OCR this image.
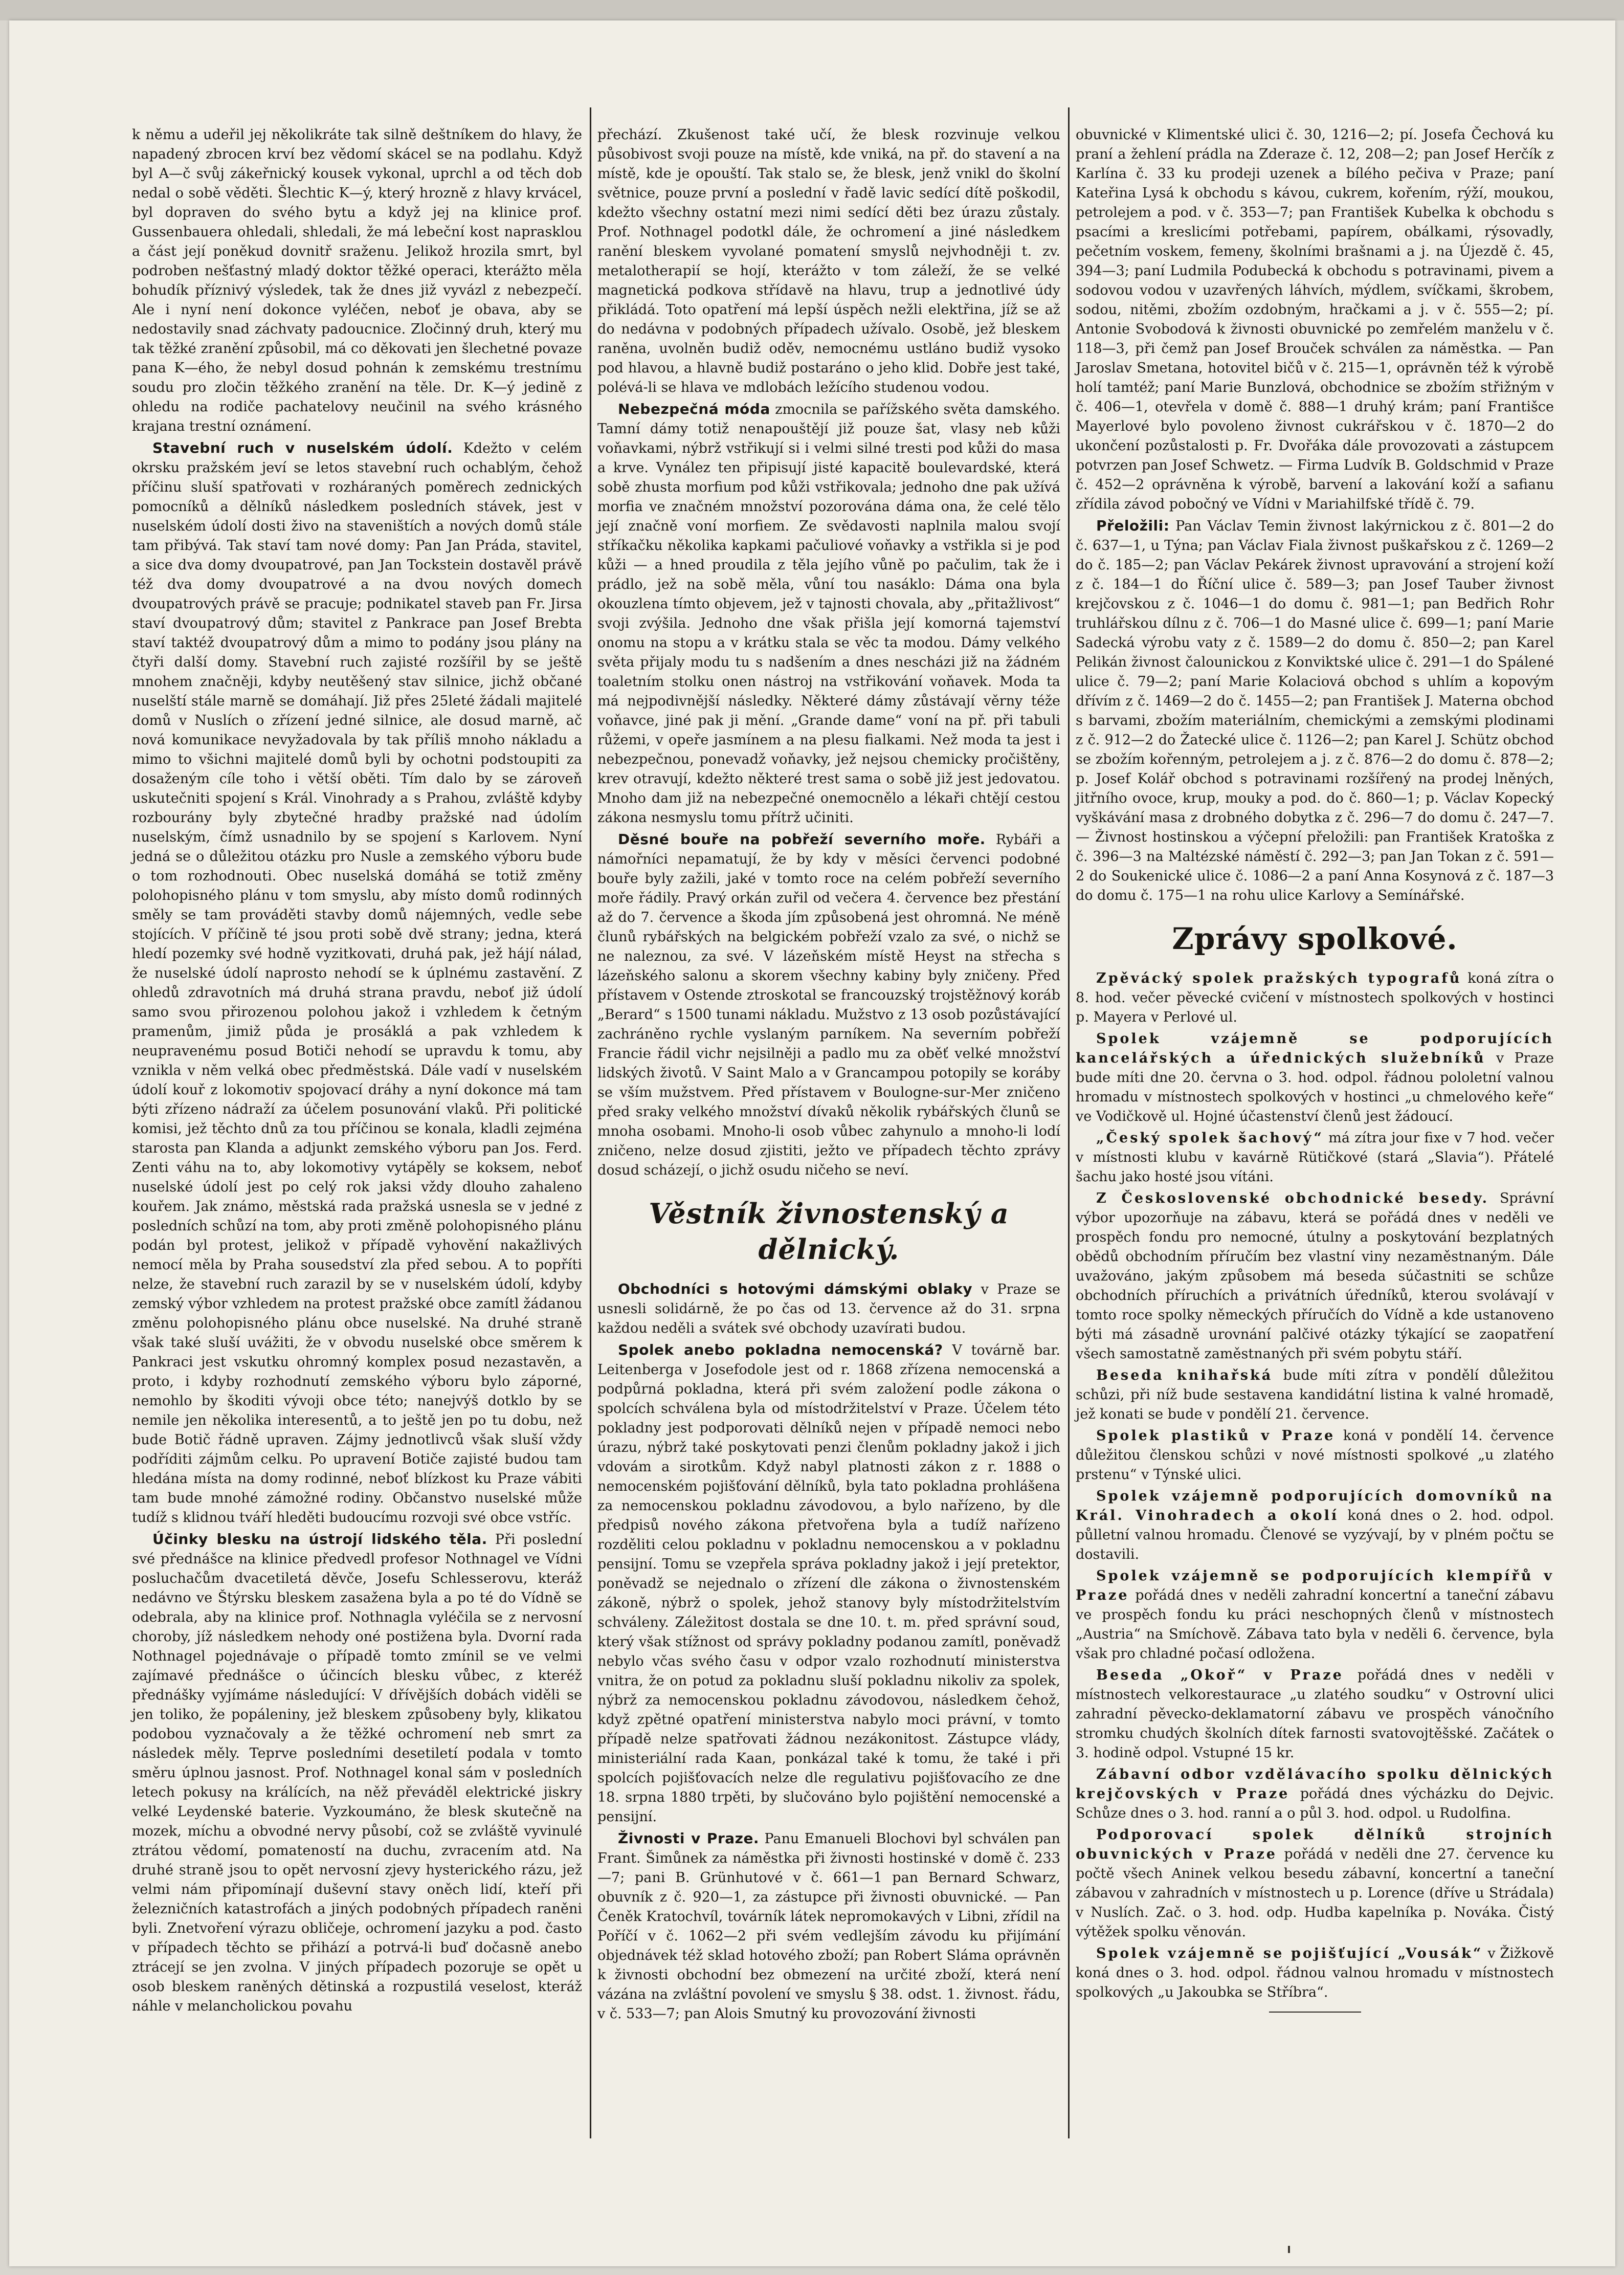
k němu a udeřil jej několikráte tak silně deštníkem do hlavy, že napadený zbrocen krví bez vědomí skácel se na podlahu. Když byl A—č svůj zákeřnický kousek vykonal, uprchl a od těch dob nedal o sobě věděti. Šlechtic K—ý, který hrozně z hlavy krvácel, byl dopraven do svého bytu a když jej na klinice prof. Gussenbauera ohledali, shledali, že má lebeční kost naprasklou a část její poněkud dovnitř sraženu. Jelikož hrozila smrt, byl podroben nešťastný mladý doktor těžké operaci, kterážto měla bohudík příznivý výsledek, tak že dnes již vyvázl z nebezpečí. Ale i nyní není dokonce vyléčen, neboť je obava, aby se nedostavily snad záchvaty padoucnice. Zločinný druh, který mu tak těžké zranění způsobil, má co děkovati jen šlechetné povaze pana K—ého, že nebyl dosud pohnán k zemskému trestnímu soudu pro zločin těžkého zranění na těle. Dr. K—ý jedině z ohledu na rodiče pachatelovy neučinil na svého krásného krajana trestní oznámení.

Stavební ruch v nuselském údolí. Kdežto v celém okrsku pražském jeví se letos stavební ruch ochablým, čehož příčinu sluší spatřovati v rozháraných poměrech zednických pomocníků a dělníků následkem posledních stávek, jest v nuselském údolí dosti živo na staveništích a nových domů stále tam přibývá. Tak staví tam nové domy: Pan Jan Práda, stavitel, a sice dva domy dvoupatrové, pan Jan Tockstein dostavěl právě též dva domy dvoupatrové a na dvou nových domech dvoupatrových právě se pracuje; podnikatel staveb pan Fr. Jirsa staví dvoupatrový dům; stavitel z Pankrace pan Josef Brebta staví taktéž dvoupatrový dům a mimo to podány jsou plány na čtyři další domy. Stavební ruch zajisté rozšířil by se ještě mnohem značněji, kdyby neutěšený stav silnice, jichž občané nuselští stále marně se domáhají. Již přes 25leté žádali majitelé domů v Nuslích o zřízení jedné silnice, ale dosud marně, ač nová komunikace nevyžadovala by tak příliš mnoho nákladu a mimo to všichni majitelé domů byli by ochotni podstoupiti za dosaženým cíle toho i větší oběti. Tím dalo by se zároveň uskutečniti spojení s Král. Vinohrady a s Prahou, zvláště kdyby rozbourány byly zbytečné hradby pražské nad údolím nuselským, čímž usnadnilo by se spojení s Karlovem. Nyní jedná se o důležitou otázku pro Nusle a zemského výboru bude o tom rozhodnouti. Obec nuselská domáhá se totiž změny polohopisného plánu v tom smyslu, aby místo domů rodinných směly se tam prováděti stavby domů nájemných, vedle sebe stojících. V příčině té jsou proti sobě dvě strany; jedna, která hledí pozemky své hodně vyzitkovati, druhá pak, jež hájí nálad, že nuselské údolí naprosto nehodí se k úplnému zastavění. Z ohledů zdravotních má druhá strana pravdu, neboť již údolí samo svou přirozenou polohou jakož i vzhledem k četným pramenům, jimiž půda je prosáklá a pak vzhledem k neupravenému posud Botiči nehodí se upravdu k tomu, aby vznikla v něm velká obec předměstská. Dále vadí v nuselském údolí kouř z lokomotiv spojovací dráhy a nyní dokonce má tam býti zřízeno nádraží za účelem posunování vlaků. Při politické komisi, jež těchto dnů za tou příčinou se konala, kladli zejména starosta pan Klanda a adjunkt zemského výboru pan Jos. Ferd. Zenti váhu na to, aby lokomotivy vytápěly se koksem, neboť nuselské údolí jest po celý rok jaksi vždy dlouho zahaleno kouřem. Jak známo, městská rada pražská usnesla se v jedné z posledních schůzí na tom, aby proti změně polohopisného plánu podán byl protest, jelikož v případě vyhovění nakažlivých nemocí měla by Praha sousedství zla před sebou. A to popříti nelze, že stavební ruch zarazil by se v nuselském údolí, kdyby zemský výbor vzhledem na protest pražské obce zamítl žádanou změnu polohopisného plánu obce nuselské. Na druhé straně však také sluší uvážiti, že v obvodu nuselské obce směrem k Pankraci jest vskutku ohromný komplex posud nezastavěn, a proto, i kdyby rozhodnutí zemského výboru bylo záporné, nemohlo by škoditi vývoji obce této; nanejvýš dotklo by se nemile jen několika interesentů, a to ještě jen po tu dobu, než bude Botič řádně upraven. Zájmy jednotlivců však sluší vždy podříditi zájmům celku. Po upravení Botiče zajisté budou tam hledána místa na domy rodinné, neboť blízkost ku Praze vábiti tam bude mnohé zámožné rodiny. Občanstvo nuselské může tudíž s klidnou tváří hleděti budoucímu rozvoji své obce vstříc.

Účinky blesku na ústrojí lidského těla. Při poslední své přednášce na klinice předvedl profesor Nothnagel ve Vídni posluchačům dvacetiletá děvče, Josefu Schlesserovu, kteráž nedávno ve Štýrsku bleskem zasažena byla a po té do Vídně se odebrala, aby na klinice prof. Nothnagla vyléčila se z nervosní choroby, jíž následkem nehody oné postižena byla. Dvorní rada Nothnagel pojednávaje o případě tomto zmínil se ve velmi zajímavé přednášce o účincích blesku vůbec, z kteréž přednášky vyjímáme následující: V dřívějších dobách viděli se jen toliko, že popáleniny, jež bleskem způsobeny byly, klikatou podobou vyznačovaly a že těžké ochromení neb smrt za následek měly. Teprve posledními desetiletí podala v tomto směru úplnou jasnost. Prof. Nothnagel konal sám v posledních letech pokusy na králících, na něž převáděl elektrické jiskry velké Leydenské baterie. Vyzkoumáno, že blesk skutečně na mozek, míchu a obvodné nervy působí, což se zvláště vyvinulé ztrátou vědomí, pomateností na duchu, zvracením atd. Na druhé straně jsou to opět nervosní zjevy hysterického rázu, jež velmi nám připomínají duševní stavy oněch lidí, kteří při železničních katastrofách a jiných podobných případech raněni byli. Znetvoření výrazu obličeje, ochromení jazyku a pod. často v případech těchto se přihází a potrvá-li buď dočasně anebo ztrácejí se jen zvolna. V jiných případech pozoruje se opět u osob bleskem raněných dětinská a rozpustilá veselost, kteráž náhle v melancholickou povahu

přechází. Zkušenost také učí, že blesk rozvinuje velkou působivost svoji pouze na místě, kde vniká, na př. do stavení a na místě, kde je opouští. Tak stalo se, že blesk, jenž vnikl do školní světnice, pouze první a poslední v řadě lavic sedící dítě poškodil, kdežto všechny ostatní mezi nimi sedící děti bez úrazu zůstaly. Prof. Nothnagel podotkl dále, že ochromení a jiné následkem ranění bleskem vyvolané pomatení smyslů nejvhodněji t. zv. metalotherapií se hojí, kterážto v tom záleží, že se velké magnetická podkova střídavě na hlavu, trup a jednotlivé údy přikládá. Toto opatření má lepší úspěch nežli elektřina, jíž se až do nedávna v podobných případech užívalo. Osobě, jež bleskem raněna, uvolněn budiž oděv, nemocnému ustláno budiž vysoko pod hlavou, a hlavně budiž postaráno o jeho klid. Dobře jest také, polévá-li se hlava ve mdlobách ležícího studenou vodou.

Nebezpečná móda zmocnila se pařížského světa damského. Tamní dámy totiž nenapouštějí již pouze šat, vlasy neb kůži voňavkami, nýbrž vstřikují si i velmi silné tresti pod kůži do masa a krve. Vynález ten připisují jisté kapacitě boulevardské, která sobě zhusta morfium pod kůži vstřikovala; jednoho dne pak užívá morfia ve značném množství pozorována dáma ona, že celé tělo její značně voní morfiem. Ze svědavosti naplnila malou svojí stříkačku několika kapkami pačuliové voňavky a vstřikla si je pod kůži — a hned proudila z těla jejího vůně po pačulim, tak že i prádlo, jež na sobě měla, vůní tou nasáklo: Dáma ona byla okouzlena tímto objevem, jež v tajnosti chovala, aby „přitažlivost“ svoji zvýšila. Jednoho dne však přišla její komorná tajemství onomu na stopu a v krátku stala se věc ta modou. Dámy velkého světa přijaly modu tu s nadšením a dnes nescházi již na žádném toaletním stolku onen nástroj na vstřikování voňavek. Moda ta má nejpodivnější následky. Některé dámy zůstávají věrny téže voňavce, jiné pak ji mění. „Grande dame“ voní na př. při tabuli růžemi, v opeře jasmínem a na plesu fialkami. Než moda ta jest i nebezpečnou, ponevadž voňavky, jež nejsou chemicky pročištěny, krev otravují, kdežto některé trest sama o sobě již jest jedovatou. Mnoho dam již na nebezpečné onemocnělo a lékaři chtějí cestou zákona nesmyslu tomu přítrž učiniti.

Děsné bouře na pobřeží severního moře. Rybáři a námořníci nepamatují, že by kdy v měsíci červenci podobné bouře byly zažili, jaké v tomto roce na celém pobřeží severního moře řádily. Pravý orkán zuřil od večera 4. července bez přestání až do 7. července a škoda jím způsobená jest ohromná. Ne méně člunů rybářských na belgickém pobřeží vzalo za své, o nichž se ne naleznou, za své. V lázeňském místě Heyst na střecha s lázeňského salonu a skorem všechny kabiny byly zničeny. Před přístavem v Ostende ztroskotal se francouzský trojstěžnový koráb „Berard“ s 1500 tunami nákladu. Mužstvo z 13 osob pozůstávající zachráněno rychle vyslaným parníkem. Na severním pobřeží Francie řádil vichr nejsilněji a padlo mu za oběť velké množství lidských životů. V Saint Malo a v Grancampou potopily se koráby se vším mužstvem. Před přístavem v Boulogne-sur-Mer zničeno před sraky velkého množství dívaků několik rybářských člunů se mnoha osobami. Mnoho-li osob vůbec zahynulo a mnoho-li lodí zničeno, nelze dosud zjistiti, ježto ve případech těchto zprávy dosud scházejí, o jichž osudu ničeho se neví.

Věstník živnostenský a dělnický.

Obchodníci s hotovými dámskými oblaky v Praze se usnesli solidárně, že po čas od 13. července až do 31. srpna každou neděli a svátek své obchody uzavírati budou.

Spolek anebo pokladna nemocenská? V továrně bar. Leitenberga v Josefodole jest od r. 1868 zřízena nemocenská a podpůrná pokladna, která při svém založení podle zákona o spolcích schválena byla od místodržitelství v Praze. Účelem této pokladny jest podporovati dělníků nejen v případě nemoci nebo úrazu, nýbrž také poskytovati penzi členům pokladny jakož i jich vdovám a sirotkům. Když nabyl platnosti zákon z r. 1888 o nemocenském pojišťování dělníků, byla tato pokladna prohlášena za nemocenskou pokladnu závodovou, a bylo nařízeno, by dle předpisů nového zákona přetvořena byla a tudíž nařízeno rozděliti celou pokladnu v pokladnu nemocenskou a v pokladnu pensijní. Tomu se vzepřela správa pokladny jakož i její pretektor, poněvadž se nejednalo o zřízení dle zákona o živnostenském zákoně, nýbrž o spolek, jehož stanovy byly místodržitelstvím schváleny. Záležitost dostala se dne 10. t. m. před správní soud, který však stížnost od správy pokladny podanou zamítl, poněvadž nebylo včas svého času v odpor vzalo rozhodnutí ministerstva vnitra, že on potud za pokladnu sluší pokladnu nikoliv za spolek, nýbrž za nemocenskou pokladnu závodovou, následkem čehož, když zpětné opatření ministerstva nabylo moci právní, v tomto případě nelze spatřovati žádnou nezákonitost. Zástupce vlády, ministeriální rada Kaan, ponkázal také k tomu, že také i při spolcích pojišťovacích nelze dle regulativu pojišťovacího ze dne 18. srpna 1880 trpěti, by slučováno bylo pojištění nemocenské a pensijní.

Živnosti v Praze. Panu Emanueli Blochovi byl schválen pan Frant. Šimůnek za náměstka při živnosti hostinské v domě č. 233—7; pani B. Grünhutové v č. 661—1 pan Bernard Schwarz, obuvník z č. 920—1, za zástupce při živnosti obuvnické. — Pan Čeněk Kratochvíl, továrník látek nepromokavých v Libni, zřídil na Poříčí v č. 1062—2 při svém vedlejším závodu ku přijímání objednávek též sklad hotového zboží; pan Robert Sláma oprávněn k živnosti obchodní bez obmezení na určité zboží, která není vázána na zvláštní povolení ve smyslu § 38. odst. 1. živnost. řádu, v č. 533—7; pan Alois Smutný ku provozování živnosti

obuvnické v Klimentské ulici č. 30, 1216—2; pí. Josefa Čechová ku praní a žehlení prádla na Zderaze č. 12, 208—2; pan Josef Herčík z Karlína č. 33 ku prodeji uzenek a bílého pečiva v Praze; paní Kateřina Lysá k obchodu s kávou, cukrem, kořením, rýží, moukou, petrolejem a pod. v č. 353—7; pan František Kubelka k obchodu s psacími a kreslicími potřebami, papírem, obálkami, rýsovadly, pečetním voskem, femeny, školními brašnami a j. na Újezdě č. 45, 394—3; paní Ludmila Podubecká k obchodu s potravinami, pivem a sodovou vodou v uzavřených láhvích, mýdlem, svíčkami, škrobem, sodou, nitěmi, zbožím ozdobným, hračkami a j. v č. 555—2; pí. Antonie Svobodová k živnosti obuvnické po zemřelém manželu v č. 118—3, při čemž pan Josef Brouček schválen za náměstka. — Pan Jaroslav Smetana, hotovitel bičů v č. 215—1, oprávněn též k výrobě holí tamtéž; paní Marie Bunzlová, obchodnice se zbožím střižným v č. 406—1, otevřela v domě č. 888—1 druhý krám; paní Františce Mayerlové bylo povoleno živnost cukrářskou v č. 1870—2 do ukončení pozůstalosti p. Fr. Dvořáka dále provozovati a zástupcem potvrzen pan Josef Schwetz. — Firma Ludvík B. Goldschmid v Praze č. 452—2 oprávněna k výrobě, barvení a lakování koží a safianu zřídila závod pobočný ve Vídni v Mariahilfské třídě č. 79.

Přeložili: Pan Václav Temin živnost lakýrnickou z č. 801—2 do č. 637—1, u Týna; pan Václav Fiala živnost puškařskou z č. 1269—2 do č. 185—2; pan Václav Pekárek živnost upravování a strojení koží z č. 184—1 do Říční ulice č. 589—3; pan Josef Tauber živnost krejčovskou z č. 1046—1 do domu č. 981—1; pan Bedřich Rohr truhlářskou dílnu z č. 706—1 do Masné ulice č. 699—1; paní Marie Sadecká výrobu vaty z č. 1589—2 do domu č. 850—2; pan Karel Pelikán živnost čalounickou z Konviktské ulice č. 291—1 do Spálené ulice č. 79—2; paní Marie Kolaciová obchod s uhlím a kopovým dřívím z č. 1469—2 do č. 1455—2; pan František J. Materna obchod s barvami, zbožím materiálním, chemickými a zemskými plodinami z č. 912—2 do Žatecké ulice č. 1126—2; pan Karel J. Schütz obchod se zbožím kořenným, petrolejem a j. z č. 876—2 do domu č. 878—2; p. Josef Kolář obchod s potravinami rozšířený na prodej lněných, jitřního ovoce, krup, mouky a pod. do č. 860—1; p. Václav Kopecký vyškávání masa z drobného dobytka z č. 296—7 do domu č. 247—7. — Živnost hostinskou a výčepní přeložili: pan František Kratoška z č. 396—3 na Maltézské náměstí č. 292—3; pan Jan Tokan z č. 591—2 do Soukenické ulice č. 1086—2 a paní Anna Kosynová z č. 187—3 do domu č. 175—1 na rohu ulice Karlovy a Semínářské.

Zprávy spolkové.

Zpěvácký spolek pražských typografů koná zítra o 8. hod. večer pěvecké cvičení v místnostech spolkových v hostinci p. Mayera v Perlové ul.

Spolek vzájemně se podporujících kancelářských a úřednických služebníků v Praze bude míti dne 20. června o 3. hod. odpol. řádnou pololetní valnou hromadu v místnostech spolkových v hostinci „u chmelového keře“ ve Vodičkově ul. Hojné účastenství členů jest žádoucí.

„Český spolek šachový“ má zítra jour fixe v 7 hod. večer v místnosti klubu v kavárně Rütičkové (stará „Slavia“). Přátelé šachu jako hosté jsou vítáni.

Z Československé obchodnické besedy. Správní výbor upozorňuje na zábavu, která se pořádá dnes v neděli ve prospěch fondu pro nemocné, útulny a poskytování bezplatných obědů obchodním příručím bez vlastní viny nezaměstnaným. Dále uvažováno, jakým způsobem má beseda súčastniti se schůze obchodních příruchích a privátních úředníků, kterou svolávají v tomto roce spolky německých příručích do Vídně a kde ustanoveno býti má zásadně urovnání palčivé otázky týkající se zaopatření všech samostatně zaměstnaných při svém pobytu stáří.

Beseda knihařská bude míti zítra v pondělí důležitou schůzi, při níž bude sestavena kandidátní listina k valné hromadě, jež konati se bude v pondělí 21. července.

Spolek plastiků v Praze koná v pondělí 14. července důležitou členskou schůzi v nové místnosti spolkové „u zlatého prstenu“ v Týnské ulici.

Spolek vzájemně podporujících domovníků na Král. Vinohradech a okolí koná dnes o 2. hod. odpol. půlletní valnou hromadu. Členové se vyzývají, by v plném počtu se dostavili.

Spolek vzájemně se podporujících klempířů v Praze pořádá dnes v neděli zahradní koncertní a taneční zábavu ve prospěch fondu ku práci neschopných členů v místnostech „Austria“ na Smíchově. Zábava tato byla v neděli 6. července, byla však pro chladné počasí odložena.

Beseda „Okoř“ v Praze pořádá dnes v neděli v místnostech velkorestaurace „u zlatého soudku“ v Ostrovní ulici zahradní pěvecko-deklamatorní zábavu ve prospěch vánočního stromku chudých školních dítek farnosti svatovojtěšské. Začátek o 3. hodině odpol. Vstupné 15 kr.

Zábavní odbor vzdělávacího spolku dělnických krejčovských v Praze pořádá dnes výcházku do Dejvic. Schůze dnes o 3. hod. ranní a o půl 3. hod. odpol. u Rudolfina.

Podporovací spolek dělníků strojních obuvnických v Praze pořádá v neděli dne 27. července ku počtě všech Aninek velkou besedu zábavní, koncertní a taneční zábavou v zahradních v místnostech u p. Lorence (dříve u Strádala) v Nuslích. Zač. o 3. hod. odp. Hudba kapelníka p. Nováka. Čistý výtěžek spolku věnován.

Spolek vzájemně se pojišťující „Vousák“ v Žižkově koná dnes o 3. hod. odpol. řádnou valnou hromadu v místnostech spolkových „u Jakoubka se Stříbra“.
